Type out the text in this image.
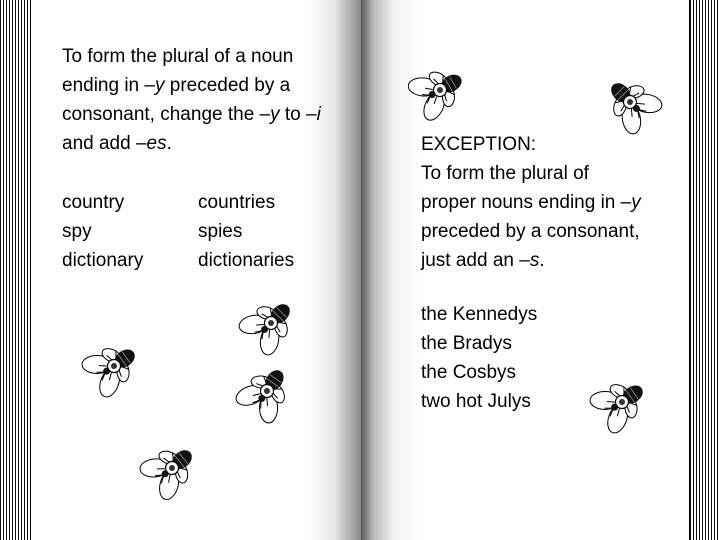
To form the plural of a noun
ending in –y preceded by a
consonant, change the –y to –i
and add –es.
country
spy
dictionary
countries
spies
dictionaries
EXCEPTION:
To form the plural of
proper nouns ending in –y
preceded by a consonant,
just add an –s.
the Kennedys
the Bradys
the Cosbys
two hot Julys
